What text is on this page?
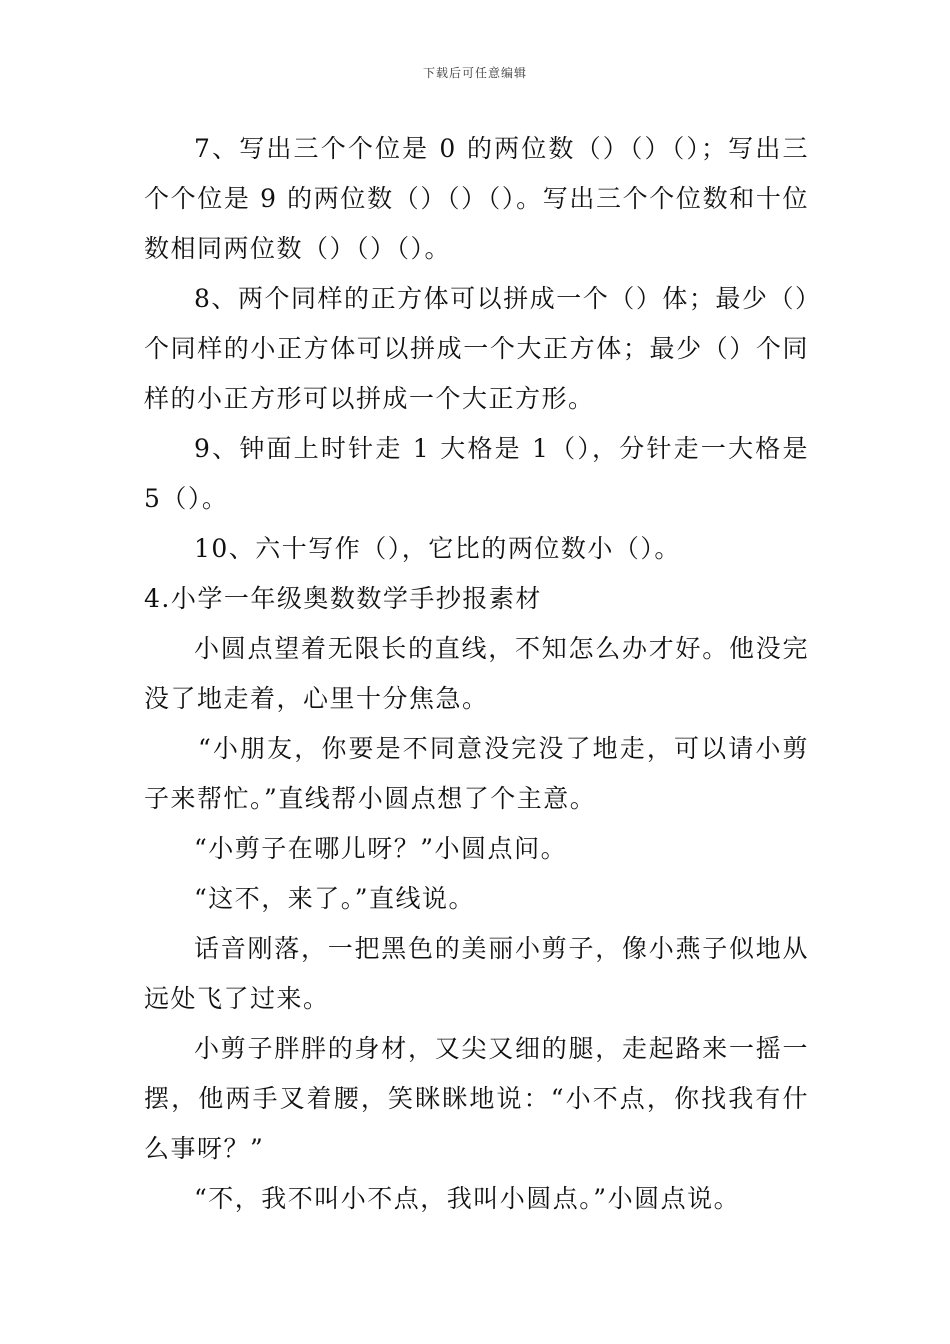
下载后可任意编辑

7、写出三个个位是 0 的两位数（）（）（）；写出三个个位是 9 的两位数（）（）（）。写出三个个位数和十位数相同两位数（）（）（）。

8、两个同样的正方体可以拼成一个（）体；最少（）个同样的小正方体可以拼成一个大正方体；最少（）个同样的小正方形可以拼成一个大正方形。

9、钟面上时针走 1 大格是 1（），分针走一大格是 5（）。

10、六十写作（），它比的两位数小（）。

4.小学一年级奥数数学手抄报素材

小圆点望着无限长的直线，不知怎么办才好。他没完没了地走着，心里十分焦急。

“小朋友，你要是不同意没完没了地走，可以请小剪子来帮忙。”直线帮小圆点想了个主意。

“小剪子在哪儿呀？”小圆点问。

“这不，来了。”直线说。

话音刚落，一把黑色的美丽小剪子，像小燕子似地从远处飞了过来。

小剪子胖胖的身材，又尖又细的腿，走起路来一摇一摆，他两手叉着腰，笑眯眯地说：“小不点，你找我有什么事呀？”

“不，我不叫小不点，我叫小圆点。”小圆点说。
